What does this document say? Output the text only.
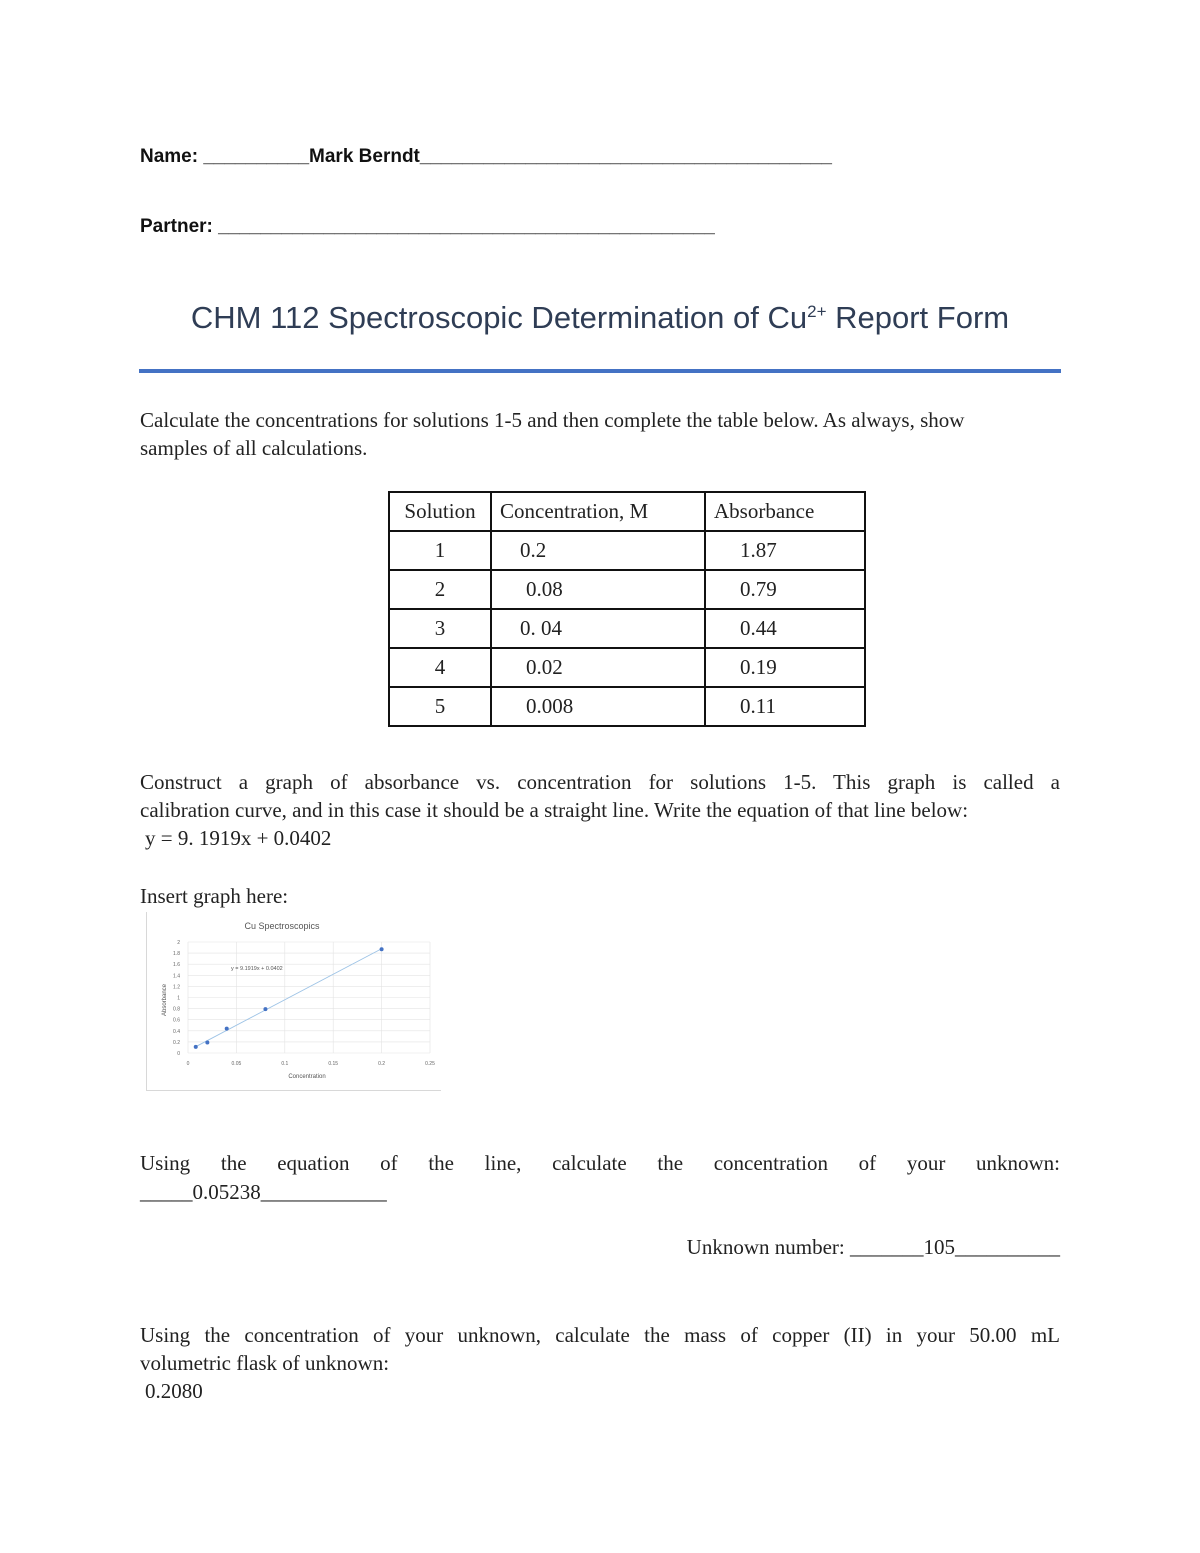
Name: __________Mark Berndt_______________________________________
Partner: _______________________________________________
CHM 112 Spectroscopic Determination of $Cu^{2+}$ Report Form
Calculate the concentrations for solutions 1-5 and then complete the table below. As always, show
samples of all calculations.
Solution	Concentration, M	Absorbance
1	0.2	1.87
2	0.08	0.79
3	0. 04	0.44
4	0.02	0.19
5	0.008	0.11
Construct a graph of absorbance vs. concentration for solutions 1-5. This graph is called a
calibration curve, and in this case it should be a straight line. Write the equation of that line below:
y = 9. 1919x + 0.0402
Insert graph here:
Cu Spectroscopics
0
0.2
0.4
0.6
0.8
1
1.2
1.4
1.6
1.8
2
0	0.05	0.1	0.15	0.2	0.25
y = 9.1919x + 0.0402
Concentration
Absorbance
Using the equation of the line, calculate the concentration of your unknown:
_____0.05238____________
Unknown number: _______105__________
Using the concentration of your unknown, calculate the mass of copper (II) in your 50.00 mL
volumetric flask of unknown:
0.2080
